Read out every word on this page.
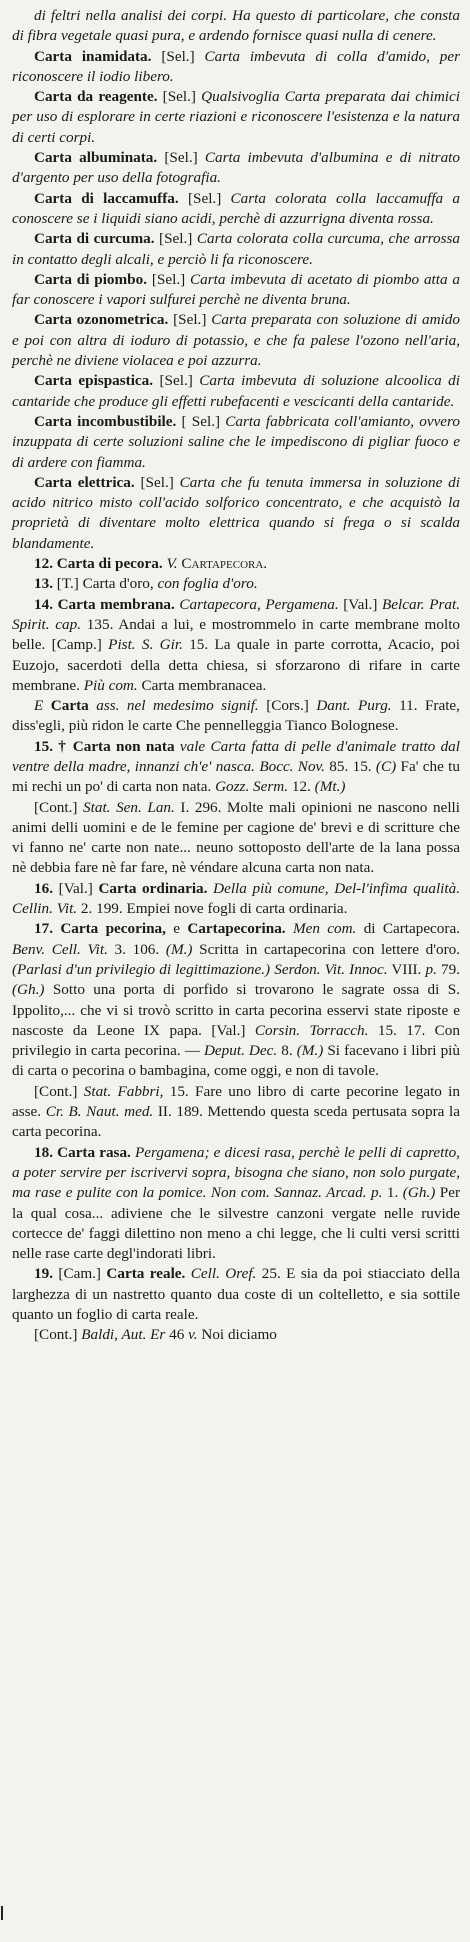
di feltri nella analisi dei corpi. Ha questo di particolare, che consta di fibra vegetale quasi pura, e ardendo fornisce quasi nulla di cenere.

Carta inamidata. [Sel.] Carta imbevuta di colla d'amido, per riconoscere il iodio libero.

Carta da reagente. [Sel.] Qualsivoglia Carta preparata dai chimici per uso di esplorare in certe riazioni e riconoscere l'esistenza e la natura di certi corpi.

Carta albuminata. [Sel.] Carta imbevuta d'albumina e di nitrato d'argento per uso della fotografia.

Carta di laccamuffa. [Sel.] Carta colorata colla laccamuffa a conoscere se i liquidi siano acidi, perchè di azzurrigna diventa rossa.

Carta di curcuma. [Sel.] Carta colorata colla curcuma, che arrossa in contatto degli alcali, e perciò li fa riconoscere.

Carta di piombo. [Sel.] Carta imbevuta di acetato di piombo atta a far conoscere i vapori sulfurei perchè ne diventa bruna.

Carta ozonometrica. [Sel.] Carta preparata con soluzione di amido e poi con altra di ioduro di potassio, e che fa palese l'ozono nell'aria, perchè ne diviene violacea e poi azzurra.

Carta epispastica. [Sel.] Carta imbevuta di soluzione alcoolica di cantaride che produce gli effetti rubefacenti e vescicanti della cantaride.

Carta incombustibile. [ Sel.] Carta fabbricata coll'amianto, ovvero inzuppata di certe soluzioni saline che le impediscono di pigliar fuoco e di ardere con fiamma.

Carta elettrica. [Sel.] Carta che fu tenuta immersa in soluzione di acido nitrico misto coll'acido solforico concentrato, e che acquistò la proprietà di diventare molto elettrica quando si frega o si scalda blandamente.

12. Carta di pecora. V. Cartapecora.

13. [T.] Carta d'oro, con foglia d'oro.

14. Carta membrana. Cartapecora, Pergamena. [Val.] Belcar. Prat. Spirit. cap. 135. Andai a lui, e mostrommelo in carte membrane molto belle. [Camp.] Pist. S. Gir. 15. La quale in parte corrotta, Acacio, poi Euzojo, sacerdoti della detta chiesa, si sforzarono di rifare in carte membrane. Più com. Carta membranacea.

E Carta ass. nel medesimo signif. [Cors.] Dant. Purg. 11. Frate, diss'egli, più ridon le carte Che pennelleggia Tianco Bolognese.

15. † Carta non nata vale Carta fatta di pelle d'animale tratto dal ventre della madre, innanzi ch'e' nasca. Bocc. Nov. 85. 15. (C) Fa' che tu mi rechi un po' di carta non nata. Gozz. Serm. 12. (Mt.)

[Cont.] Stat. Sen. Lan. I. 296. Molte mali opinioni ne nascono nelli animi delli uomini e de le femine per cagione de' brevi e di scritture che vi fanno ne' carte non nate... neuno sottoposto dell'arte de la lana possa nè debbia fare nè far fare, nè véndare alcuna carta non nata.

16. [Val.] Carta ordinaria. Della più comune, Del-l'infima qualità. Cellin. Vit. 2. 199. Empiei nove fogli di carta ordinaria.

17. Carta pecorina, e Cartapecorina. Men com. di Cartapecora. Benv. Cell. Vit. 3. 106. (M.) Scritta in cartapecorina con lettere d'oro. (Parlasi d'un privilegio di legittimazione.) Serdon. Vit. Innoc. VIII. p. 79. (Gh.) Sotto una porta di porfido si trovarono le sagrate ossa di S. Ippolito,... che vi si trovò scritto in carta pecorina esservi state riposte e nascoste da Leone IX papa. [Val.] Corsin. Torracch. 15. 17. Con privilegio in carta pecorina. — Deput. Dec. 8. (M.) Si facevano i libri più di carta o pecorina o bambagina, come oggi, e non di tavole.

[Cont.] Stat. Fabbri, 15. Fare uno libro di carte pecorine legato in asse. Cr. B. Naut. med. II. 189. Mettendo questa sceda pertusata sopra la carta pecorina.

18. Carta rasa. Pergamena; e dicesi rasa, perchè le pelli di capretto, a poter servire per iscrivervi sopra, bisogna che siano, non solo purgate, ma rase e pulite con la pomice. Non com. Sannaz. Arcad. p. 1. (Gh.) Per la qual cosa... adiviene che le silvestre canzoni vergate nelle ruvide cortecce de' faggi dilettino non meno a chi legge, che li culti versi scritti nelle rase carte degl'indorati libri.

19. [Cam.] Carta reale. Cell. Oref. 25. E sia da poi stiacciato della larghezza di un nastretto quanto dua coste di un coltelletto, e sia sottile quanto un foglio di carta reale.

[Cont.] Baldi, Aut. Er 46 v. Noi diciamo
